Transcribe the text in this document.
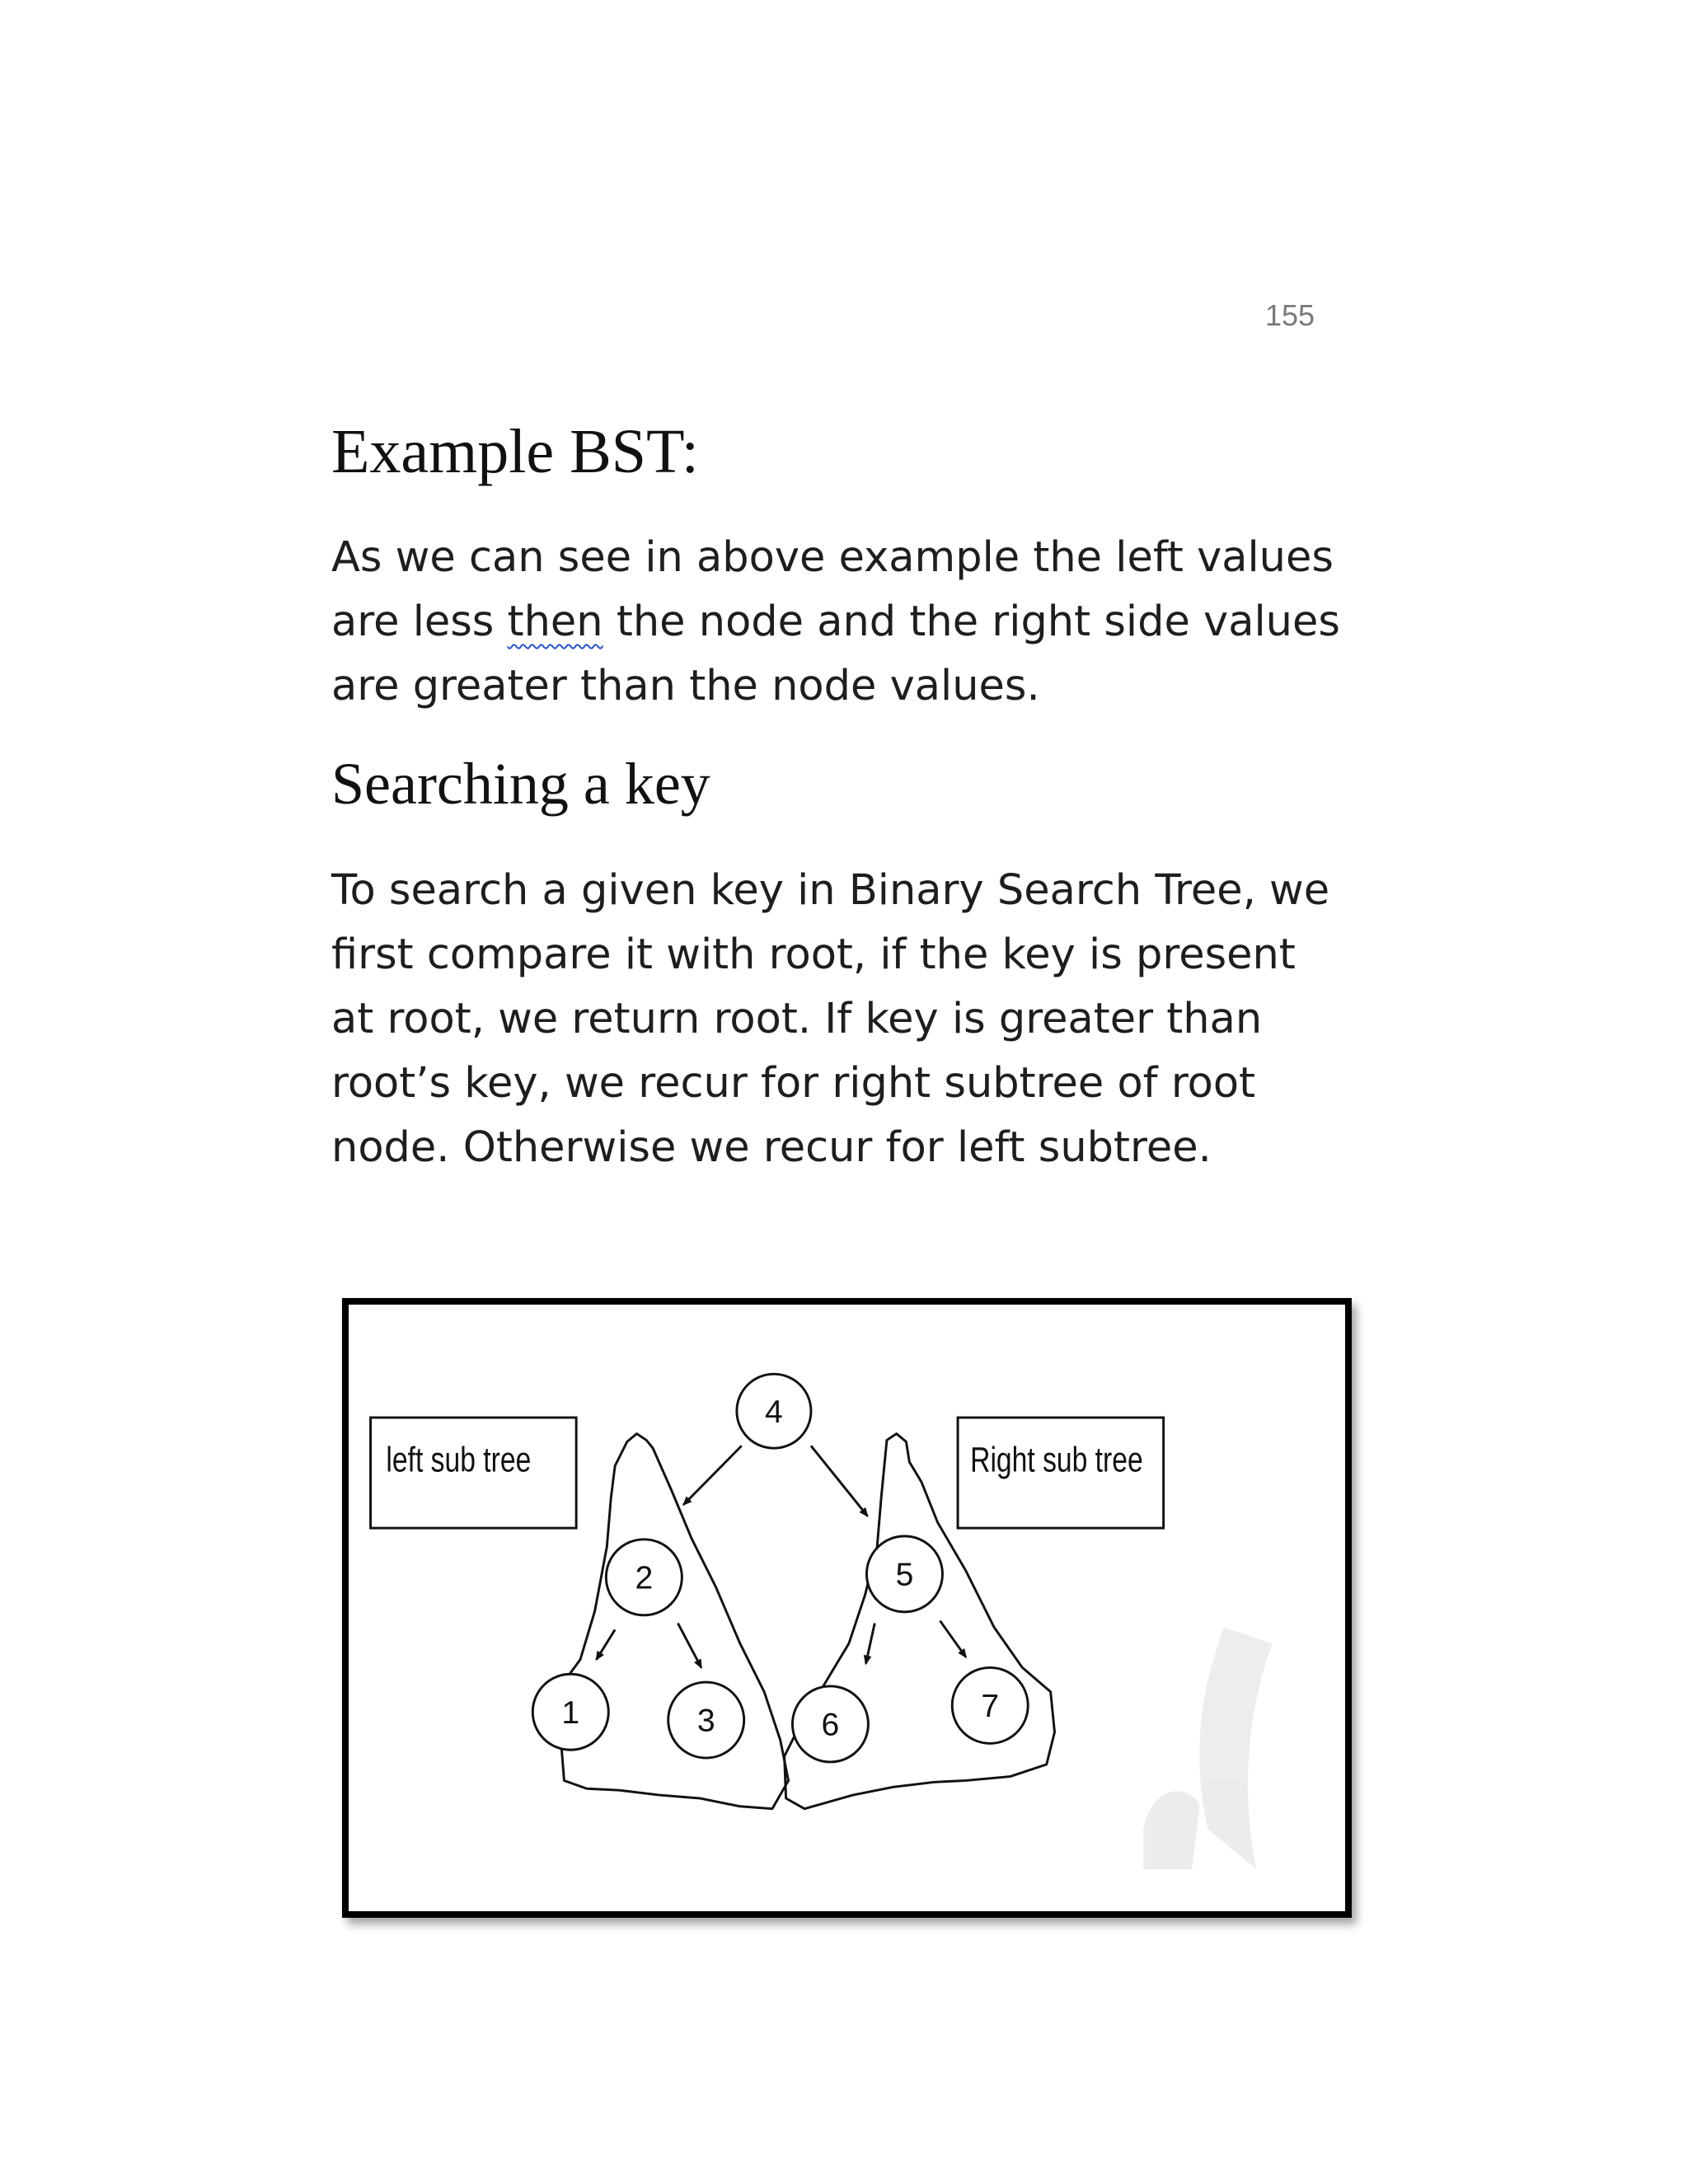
155
Example BST:

As we can see in above example the left values
are less then the node and the right side values
are greater than the node values.

Searching a key

To search a given key in Binary Search Tree, we
first compare it with root, if the key is present
at root, we return root. If key is greater than
root’s key, we recur for right subtree of root
node. Otherwise we recur for left subtree.

left sub tree	Right sub tree
4
2	5
1	3	6
7
